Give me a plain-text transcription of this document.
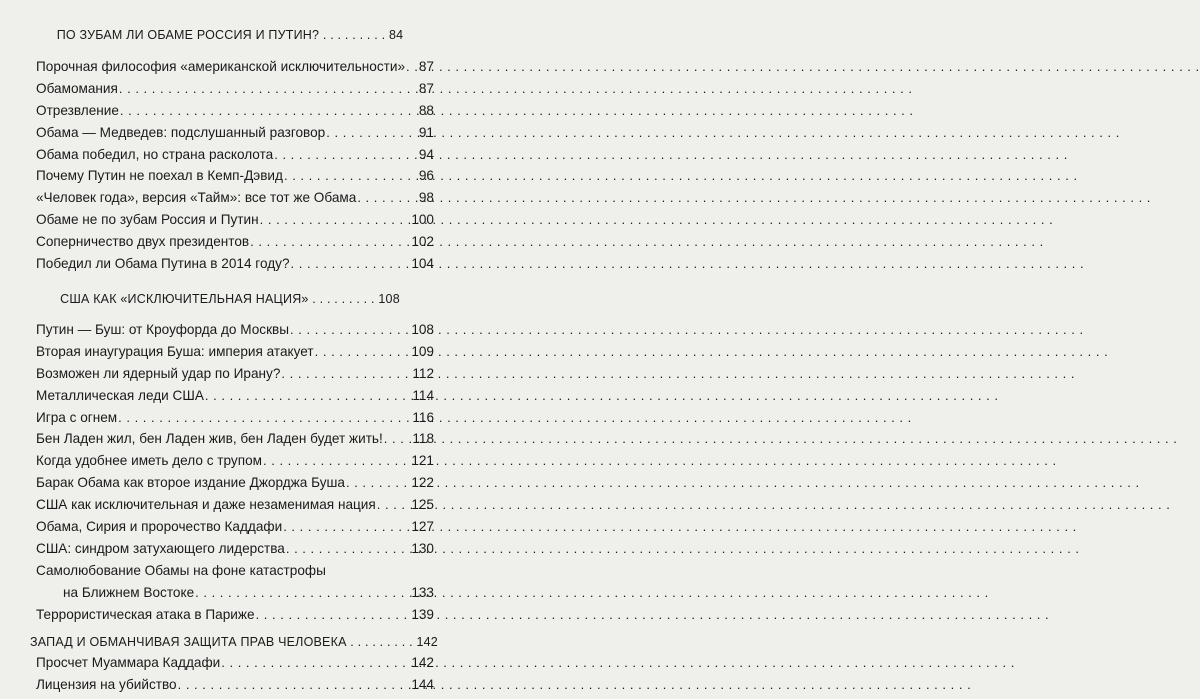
ПО ЗУБАМ ЛИ ОБАМЕ РОССИЯ И ПУТИН? . . . . . . . . . 84
Порочная философия «американской исключительности» . . . 87
Обамомания . . .	87
Отрезвление . . .	88
Обама — Медведев: подслушанный разговор . . .	91
Обама победил, но страна расколота . . .	94
Почему Путин не поехал в Кемп-Дэвид . . .	96
«Человек года», версия «Тайм»: все тот же Обама . . .	98
Обаме не по зубам Россия и Путин . . .	100
Соперничество двух президентов . . .	102
Победил ли Обама Путина в 2014 году? . . .	104
США КАК «ИСКЛЮЧИТЕЛЬНАЯ НАЦИЯ» . . . . . . . . . 108
Путин — Буш: от Кроуфорда до Москвы . . .	108
Вторая инаугурация Буша: империя атакует . . .	109
Возможен ли ядерный удар по Ирану? . . .	112
Металлическая леди США . . .	114
Игра с огнем . . .	116
Бен Ладен жил, бен Ладен жив, бен Ладен будет жить! . . . 118
Когда удобнее иметь дело с трупом . . .	121
Барак Обама как второе издание Джорджа Буша . . .	122
США как исключительная и даже незаменимая нация . . .	125
Обама, Сирия и пророчество Каддафи . . .	127
США: синдром затухающего лидерства . . .	130
Самолюбование Обамы на фоне катастрофы
на Ближнем Востоке . . .	133
Террористическая атака в Париже . . .	139
ЗАПАД И ОБМАНЧИВАЯ ЗАЩИТА ПРАВ ЧЕЛОВЕКА . . . . . . . . . 142
Просчет Муаммара Каддафи . . .	142
Лицензия на убийство . . .	144
